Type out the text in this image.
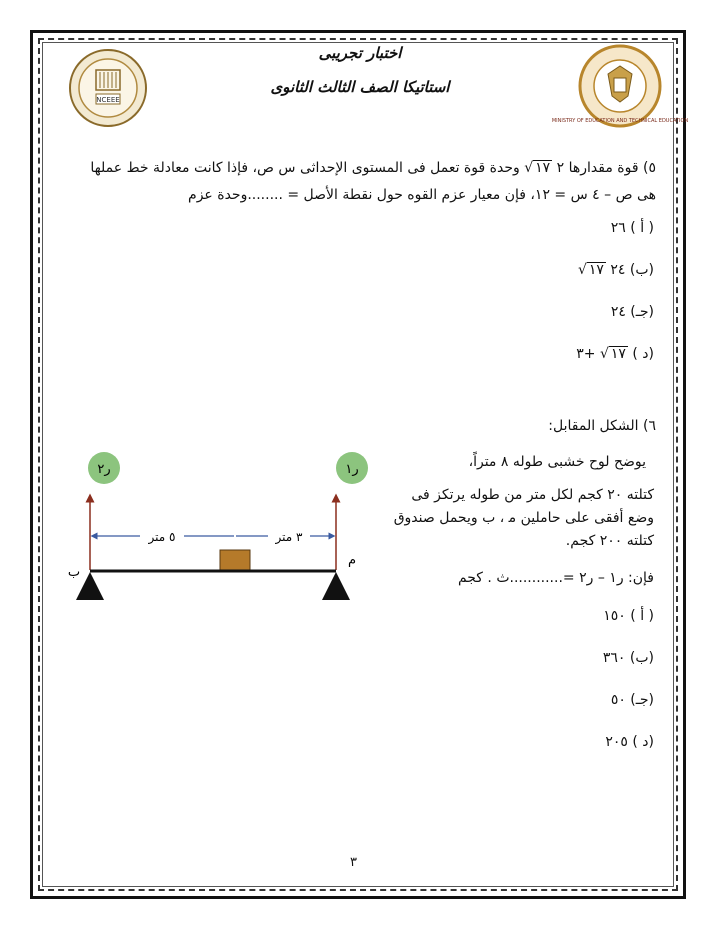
NCEEE
MINISTRY OF EDUCATION AND TECHNICAL EDUCATION
اختبار تجريبى
استاتيكا الصف الثالث الثانوى
٥) قوة مقدارها ٢ ١٧√ وحدة قوة تعمل فى المستوى الإحداثى س ص، فإذا كانت معادلة خط عملها
هى ص – ٤ س = ١٢، فإن معيار عزم القوه حول نقطة الأصل = ........وحدة عزم
( أ ) ٢٦
(ب) ٢٤ ١٧√
(جـ) ٢٤
(د ) ١٧√ +٣
٦) الشكل المقابل:
يوضح لوح خشبى طوله ٨ متراً،
كتلته ٢٠ كجم لكل متر من طوله يرتكز فى
وضع أفقى على حاملين ﻣ ، ب ويحمل صندوق
كتلته ٢٠٠ كجم.
فإن: ﺭ١ – ﺭ٢ =............ث . كجم
( أ ) ١٥٠
(ب) ٣٦٠
(جـ) ٥٠
(د ) ٢٠٥
ر٢	ر١
٥ متر	٣ متر
ب
م
٣
